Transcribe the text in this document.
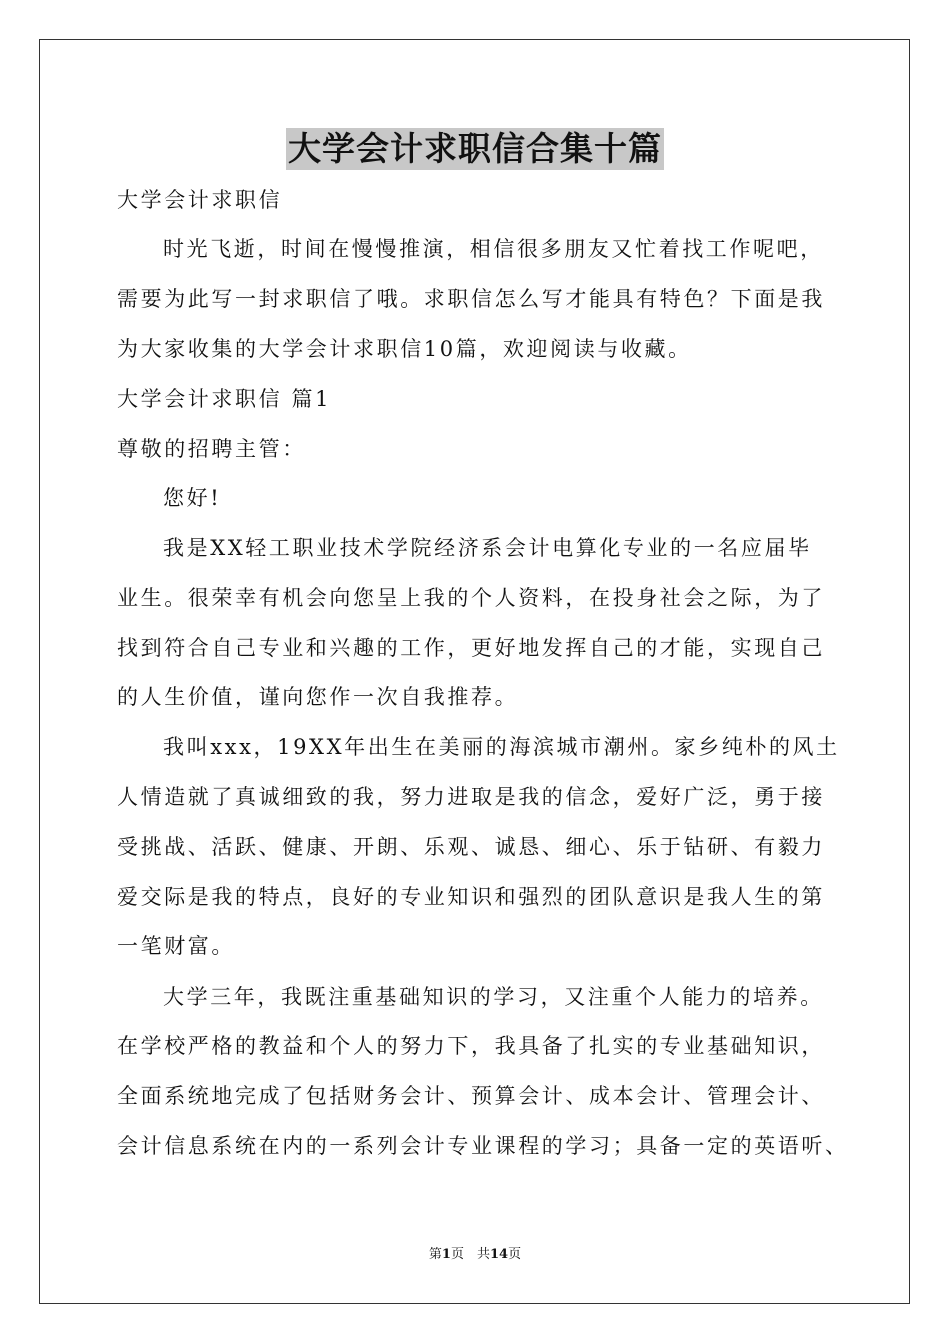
大学会计求职信合集十篇
大学会计求职信
时光飞逝，时间在慢慢推演，相信很多朋友又忙着找工作呢吧，
需要为此写一封求职信了哦。求职信怎么写才能具有特色？下面是我
为大家收集的大学会计求职信10篇，欢迎阅读与收藏。
大学会计求职信 篇1
尊敬的招聘主管：
您好!
我是XX轻工职业技术学院经济系会计电算化专业的一名应届毕
业生。很荣幸有机会向您呈上我的个人资料，在投身社会之际，为了
找到符合自己专业和兴趣的工作，更好地发挥自己的才能，实现自己
的人生价值，谨向您作一次自我推荐。
我叫xxx，19XX年出生在美丽的海滨城市潮州。家乡纯朴的风土
人情造就了真诚细致的我，努力进取是我的信念，爱好广泛，勇于接
受挑战、活跃、健康、开朗、乐观、诚恳、细心、乐于钻研、有毅力
爱交际是我的特点，良好的专业知识和强烈的团队意识是我人生的第
一笔财富。
大学三年，我既注重基础知识的学习，又注重个人能力的培养。
在学校严格的教益和个人的努力下，我具备了扎实的专业基础知识，
全面系统地完成了包括财务会计、预算会计、成本会计、管理会计、
会计信息系统在内的一系列会计专业课程的学习；具备一定的英语听、
第1页　共14页
